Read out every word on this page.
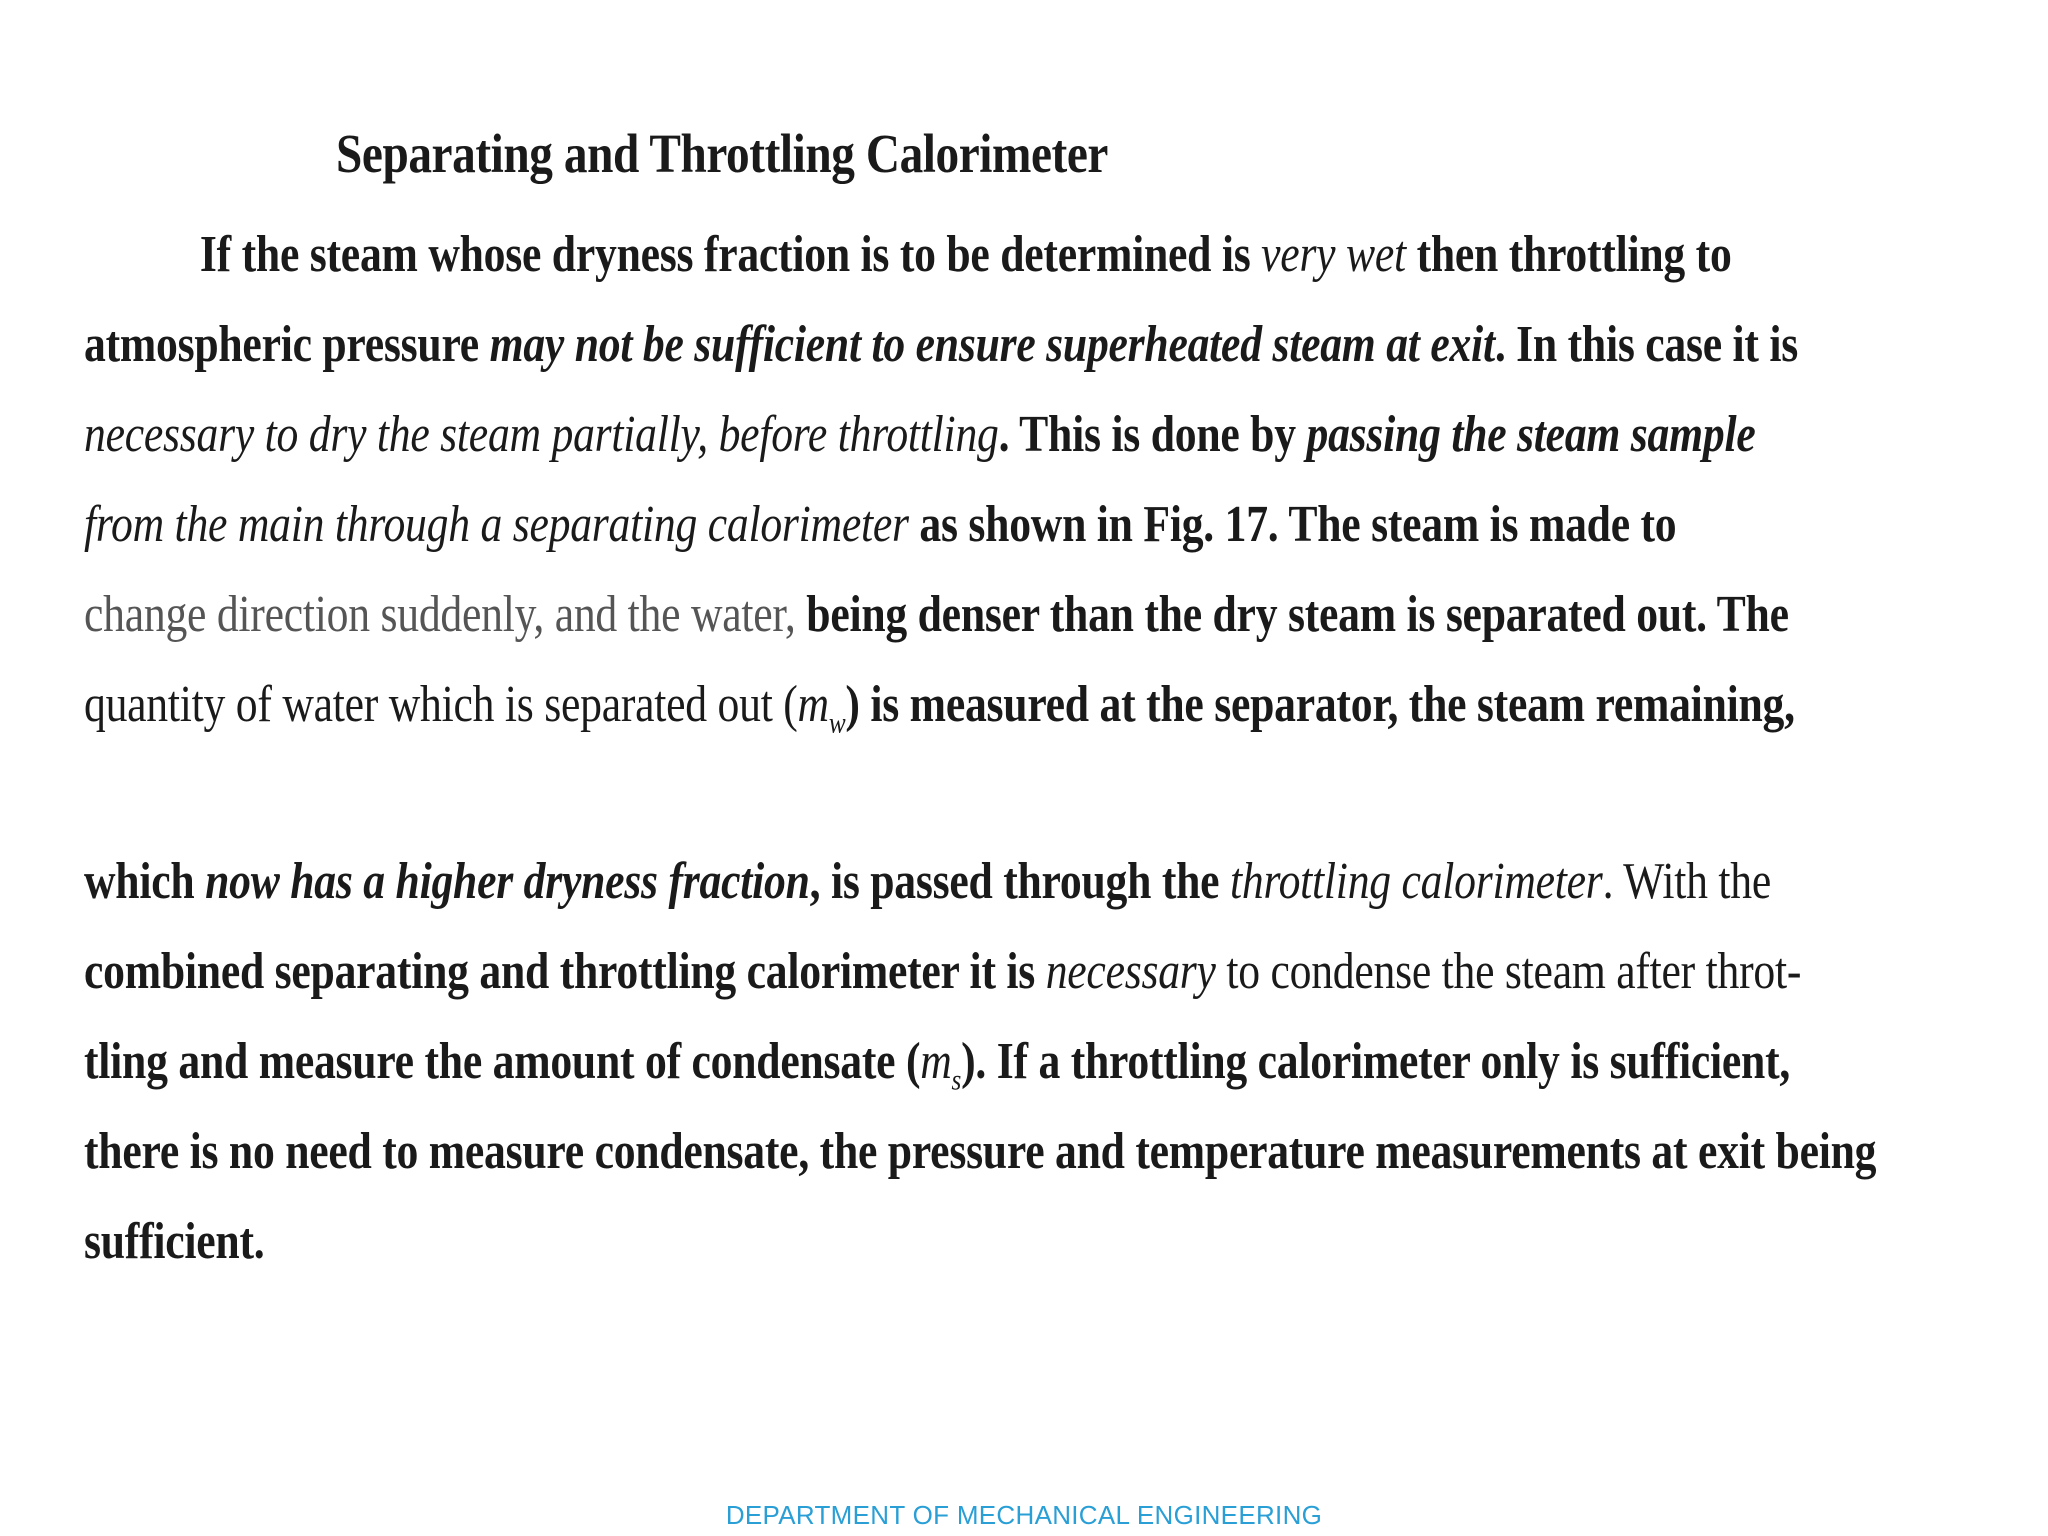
Separating and Throttling Calorimeter
If the steam whose dryness fraction is to be determined is very wet then throttling to
atmospheric pressure may not be sufficient to ensure superheated steam at exit. In this case it is
necessary to dry the steam partially, before throttling. This is done by passing the steam sample
from the main through a separating calorimeter as shown in Fig. 17. The steam is made to
change direction suddenly, and the water, being denser than the dry steam is separated out. The
quantity of water which is separated out $(m_w)$ is measured at the separator, the steam remaining,
which now has a higher dryness fraction, is passed through the throttling calorimeter. With the
combined separating and throttling calorimeter it is necessary to condense the steam after throt-
tling and measure the amount of condensate $(m_s)$. If a throttling calorimeter only is sufficient,
there is no need to measure condensate, the pressure and temperature measurements at exit being
sufficient.
DEPARTMENT OF MECHANICAL ENGINEERING
